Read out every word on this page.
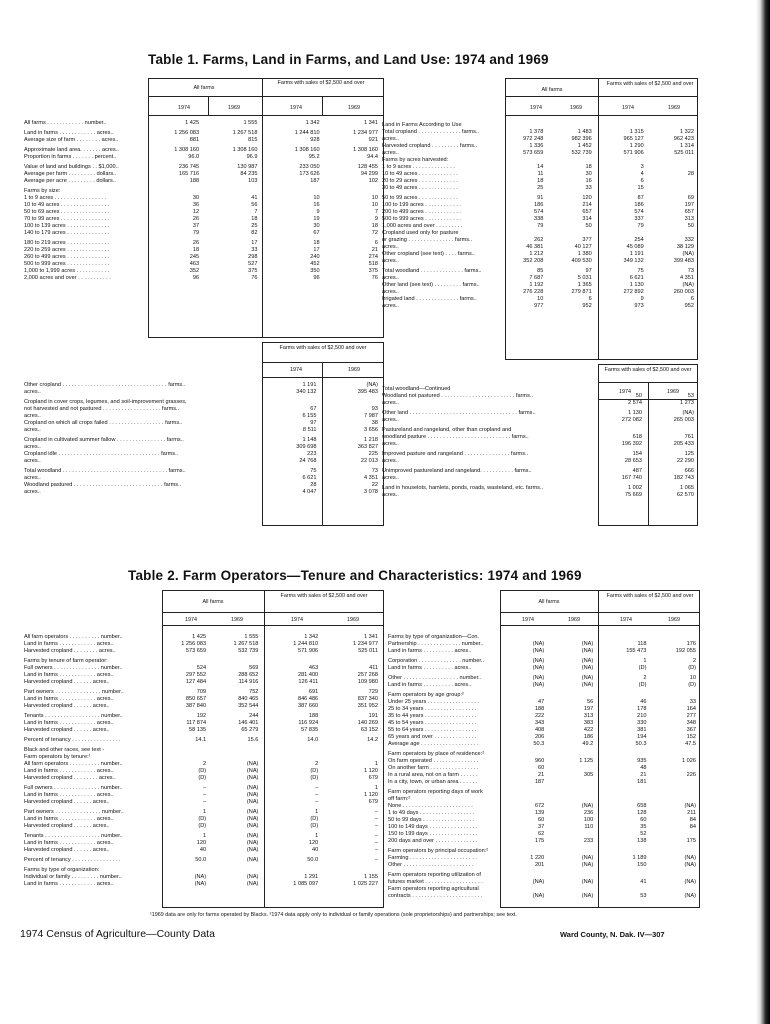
Table 1. Farms, Land in Farms, and Land Use: 1974 and 1969
All farms
Farms with sales of $2,500 and over
1974	1969	1974	1969
All farms . . . . . . . . . . . . number..	1 425	1 555	1 342	1 341

Land in farms . . . . . . . . . . . . acres..	1 256 083	1 267 518	1 244 810	1 234 977
Average size of farm . . . . . . . . acres..	881	815	928	921

Approximate land area. . . . . . . acres..	1 308 160	1 308 160	1 308 160	1 308 160
Proportion in farms . . . . . . . percent..	96.0	96.9	95.2	94.4

Value of land and buildings . . $1,000..	236 745	130 987	233 050	128 455
Average per farm . . . . . . . . . dollars..	165 716	84 235	173 626	94 299
Average per acre . . . . . . . . . dollars..	188	103	187	102

Farms by size:				
1 to 9 acres . . . . . . . . . . . . . . . . .	30	41	10	10
10 to 49 acres . . . . . . . . . . . . . . . .	36	56	16	10
50 to 69 acres . . . . . . . . . . . . . . . .	12	7	9	7
70 to 99 acres . . . . . . . . . . . . . . . .	26	18	19	9
100 to 139 acres . . . . . . . . . . . . . .	37	25	30	18
140 to 179 acres . . . . . . . . . . . . . .	79	82	67	72

180 to 219 acres . . . . . . . . . . . . . .	26	17	18	6
220 to 259 acres . . . . . . . . . . . . . .	18	33	17	21
260 to 499 acres . . . . . . . . . . . . . .	245	298	240	274
500 to 999 acres . . . . . . . . . . . . . .	463	527	452	518
1,000 to 1,999 acres . . . . . . . . . . .	352	375	350	375
2,000 acres and over . . . . . . . . . . .	96	76	96	76
All farms
Farms with sales of $2,500 and over
1974	1969	1974	1969
Land in Farms According to Use				
Total cropland . . . . . . . . . . . . . . farms..	1 378	1 483	1 315	1 322
acres..	972 248	982 396	965 127	962 423
Harvested cropland . . . . . . . . . farms..	1 336	1 452	1 290	1 314
acres..	573 659	532 739	571 906	525 011
Farms by acres harvested:				
1 to 9 acres . . . . . . . . . . . . . .	14	18	3	
10 to 49 acres . . . . . . . . . . . . .	11	30	4	28
20 to 29 acres . . . . . . . . . . . . .	18	16	6	
30 to 49 acres . . . . . . . . . . . . .	25	33	15	

50 to 99 acres . . . . . . . . . . . . .	91	120	87	69
100 to 199 acres . . . . . . . . . . . .	186	214	186	197
200 to 499 acres . . . . . . . . . . . .	574	657	574	657
500 to 999 acres . . . . . . . . . . . .	338	314	337	313
1,000 acres and over . . . . . . . . .	79	50	79	50
Cropland used only for pasture				
or grazing . . . . . . . . . . . . . . . farms..	262	377	254	332
acres..	46 381	40 127	45 089	38 129
Other cropland (see text) . . . . farms..	1 212	1 380	1 191	(NA)
acres..	352 208	409 530	349 132	399 483

Total woodland . . . . . . . . . . . . . . farms..	85	97	75	73
acres..	7 687	5 031	6 621	4 351
Other land (see text) . . . . . . . . . farms..	1 192	1 365	1 130	(NA)
acres..	276 228	279 871	272 892	260 003
Irrigated land . . . . . . . . . . . . . . farms..	10	6	9	6
acres..	977	952	973	952
Farms with sales of $2,500 and over
1974	1969
Other cropland . . . . . . . . . . . . . . . . . . . . . . . . . . . . . . . . . . farms..	1 191	(NA)
acres..	340 132	395 483

Cropland in cover crops, legumes, and soil-improvement grasses,		
not harvested and not pastured . . . . . . . . . . . . . . . . . . . farms..	67	93
acres..	6 155	7 987
Cropland on which all crops failed . . . . . . . . . . . . . . . . . . farms..	97	38
acres..	8 511	3 656

Cropland in cultivated summer fallow . . . . . . . . . . . . . . . . farms..	1 148	1 218
acres..	309 698	363 827
Cropland idle . . . . . . . . . . . . . . . . . . . . . . . . . . . . . . . . . farms..	223	225
acres..	24 768	22 013

Total woodland . . . . . . . . . . . . . . . . . . . . . . . . . . . . . . . . . . farms..	75	73
acres..	6 621	4 351
Woodland pastured . . . . . . . . . . . . . . . . . . . . . . . . . . . . . farms..	28	22
acres..	4 047	3 078
Farms with sales of $2,500 and over
1974	1969
Total woodland—Continued		
Woodland not pastured . . . . . . . . . . . . . . . . . . . . . . . . farms..	50	53
acres..	2 574	1 273

Other land . . . . . . . . . . . . . . . . . . . . . . . . . . . . . . . . . . . farms..	1 130	(NA)
acres..	272 082	265 003

Pastureland and rangeland, other than cropland and		
woodland pasture . . . . . . . . . . . . . . . . . . . . . . . . . . . farms..	618	761
acres..	196 392	205 433

Improved pasture and rangeland . . . . . . . . . . . . . . . farms..	154	125
acres..	28 653	22 290

Unimproved pastureland and rangeland. . . . . . . . . . . farms..	487	666
acres..	167 740	182 743

Land in houselots, hamlets, ponds, roads, wasteland, etc. farms..	1 002	1 065
acres..	75 669	62 570
Table 2. Farm Operators—Tenure and Characteristics: 1974 and 1969
All farms
Farms with sales of $2,500 and over
1974	1969	1974	1969
All farm operators . . . . . . . . . . number..	1 425	1 555	1 342	1 341
Land in farms . . . . . . . . . . . . acres..	1 256 083	1 267 518	1 244 810	1 234 977
Harvested cropland . . . . . . . . acres..	573 659	532 739	571 906	525 011

Farms by tenure of farm operator:				
Full owners . . . . . . . . . . . . . . . number..	524	569	463	411
Land in farms . . . . . . . . . . . . acres..	297 552	288 652	281 400	257 268
Harvested cropland . . . . . . acres..	127 484	114 916	126 411	109 980

Part owners . . . . . . . . . . . . . . . number..	709	752	691	729
Land in farms . . . . . . . . . . . . acres..	850 657	840 465	846 486	837 340
Harvested cropland . . . . . . acres..	387 840	352 544	387 660	351 952

Tenants . . . . . . . . . . . . . . . . . . number..	192	244	188	191
Land in farms . . . . . . . . . . . . acres..	117 874	146 401	116 924	140 269
Harvested cropland . . . . . . acres..	58 135	65 279	57 835	63 152

Percent of tenancy . . . . . . . . . . . . . . . .	14.1	15.6	14.0	14.2

Black and other races, see text -				
Farm operators by tenure:¹				
All farm operators . . . . . . . . . . number..	2	(NA)	2	1
Land in farms . . . . . . . . . . . . acres..	(D)	(NA)	(D)	1 120
Harvested cropland . . . . . . . . acres..	(D)	(NA)	(D)	679

Full owners . . . . . . . . . . . . . . . number..	–	(NA)	–	1
Land in farms . . . . . . . . . . . . acres..	–	(NA)	–	1 120
Harvested cropland . . . . . . acres..	–	(NA)	–	679

Part owners . . . . . . . . . . . . . . . number..	1	(NA)	1	–
Land in farms . . . . . . . . . . . . acres..	(D)	(NA)	(D)	–
Harvested cropland . . . . . . acres..	(D)	(NA)	(D)	–

Tenants . . . . . . . . . . . . . . . . . . number..	1	(NA)	1	–
Land in farms . . . . . . . . . . . . acres..	120	(NA)	120	–
Harvested cropland . . . . . . acres..	40	(NA)	40	–

Percent of tenancy . . . . . . . . . . . . . . . .	50.0	(NA)	50.0	–

Farms by type of organization:				
Individual or family . . . . . . . . . number..	(NA)	(NA)	1 291	1 155
Land in farms . . . . . . . . . . . . acres..	(NA)	(NA)	1 085 097	1 025 227
All farms
Farms with sales of $2,500 and over
1974	1969	1974	1969
Farms by type of organization—Con.				
Partnership . . . . . . . . . . . . . . number..	(NA)	(NA)	118	176
Land in farms . . . . . . . . . . acres..	(NA)	(NA)	155 473	192 055

Corporation . . . . . . . . . . . . . . number..	(NA)	(NA)	1	2
Land in farms . . . . . . . . . . acres..	(NA)	(NA)	(D)	(D)

Other . . . . . . . . . . . . . . . . . . number..	(NA)	(NA)	2	10
Land in farms . . . . . . . . . . acres..	(NA)	(NA)	(D)	(D)

Farm operators by age group:²				
Under 25 years . . . . . . . . . . . . . . . . .	47	56	46	33
25 to 34 years . . . . . . . . . . . . . . . . .	188	197	178	164
35 to 44 years . . . . . . . . . . . . . . . . .	222	313	210	277
45 to 54 years . . . . . . . . . . . . . . . . .	343	383	330	348
55 to 64 years . . . . . . . . . . . . . . . . .	408	422	381	367
65 years and over . . . . . . . . . . . . . .	206	186	194	152
Average age . . . . . . . . . . . . . . . . . . .	50.3	49.2	50.3	47.5

Farm operators by place of residence:²				
On farm operated . . . . . . . . . . . . . . .	960	1 125	935	1 026
On another farm . . . . . . . . . . . . . . . .	60		48	
In a rural area, not on a farm . . . . . .	21	305	21	226
In a city, town, or urban area . . . . . .	187		181	

Farm operators reporting days of work				
off farm:²				
None . . . . . . . . . . . . . . . . . . . . . . .	672	(NA)	658	(NA)
1 to 49 days . . . . . . . . . . . . . . . . . .	139	236	128	211
50 to 99 days . . . . . . . . . . . . . . . . .	60	100	60	84
100 to 149 days . . . . . . . . . . . . . . . .	37	110	35	84
150 to 199 days . . . . . . . . . . . . . . . .	62		52	
200 days and over . . . . . . . . . . . . . .	175	233	138	175

Farm operators by principal occupation:²				
Farming . . . . . . . . . . . . . . . . . . . . . .	1 220	(NA)	1 189	(NA)
Other . . . . . . . . . . . . . . . . . . . . . . .	201	(NA)	150	(NA)

Farm operators reporting utilization of				
futures market . . . . . . . . . . . . . . . . . . .	(NA)	(NA)	41	(NA)
Farm operators reporting agricultural				
contracts . . . . . . . . . . . . . . . . . . . . . . .	(NA)	(NA)	53	(NA)
¹1969 data are only for farms operated by Blacks. ²1974 data apply only to individual or family operations (sole proprietorships) and partnerships; see text.
1974 Census of Agriculture—County Data	Ward County, N. Dak. IV—307
